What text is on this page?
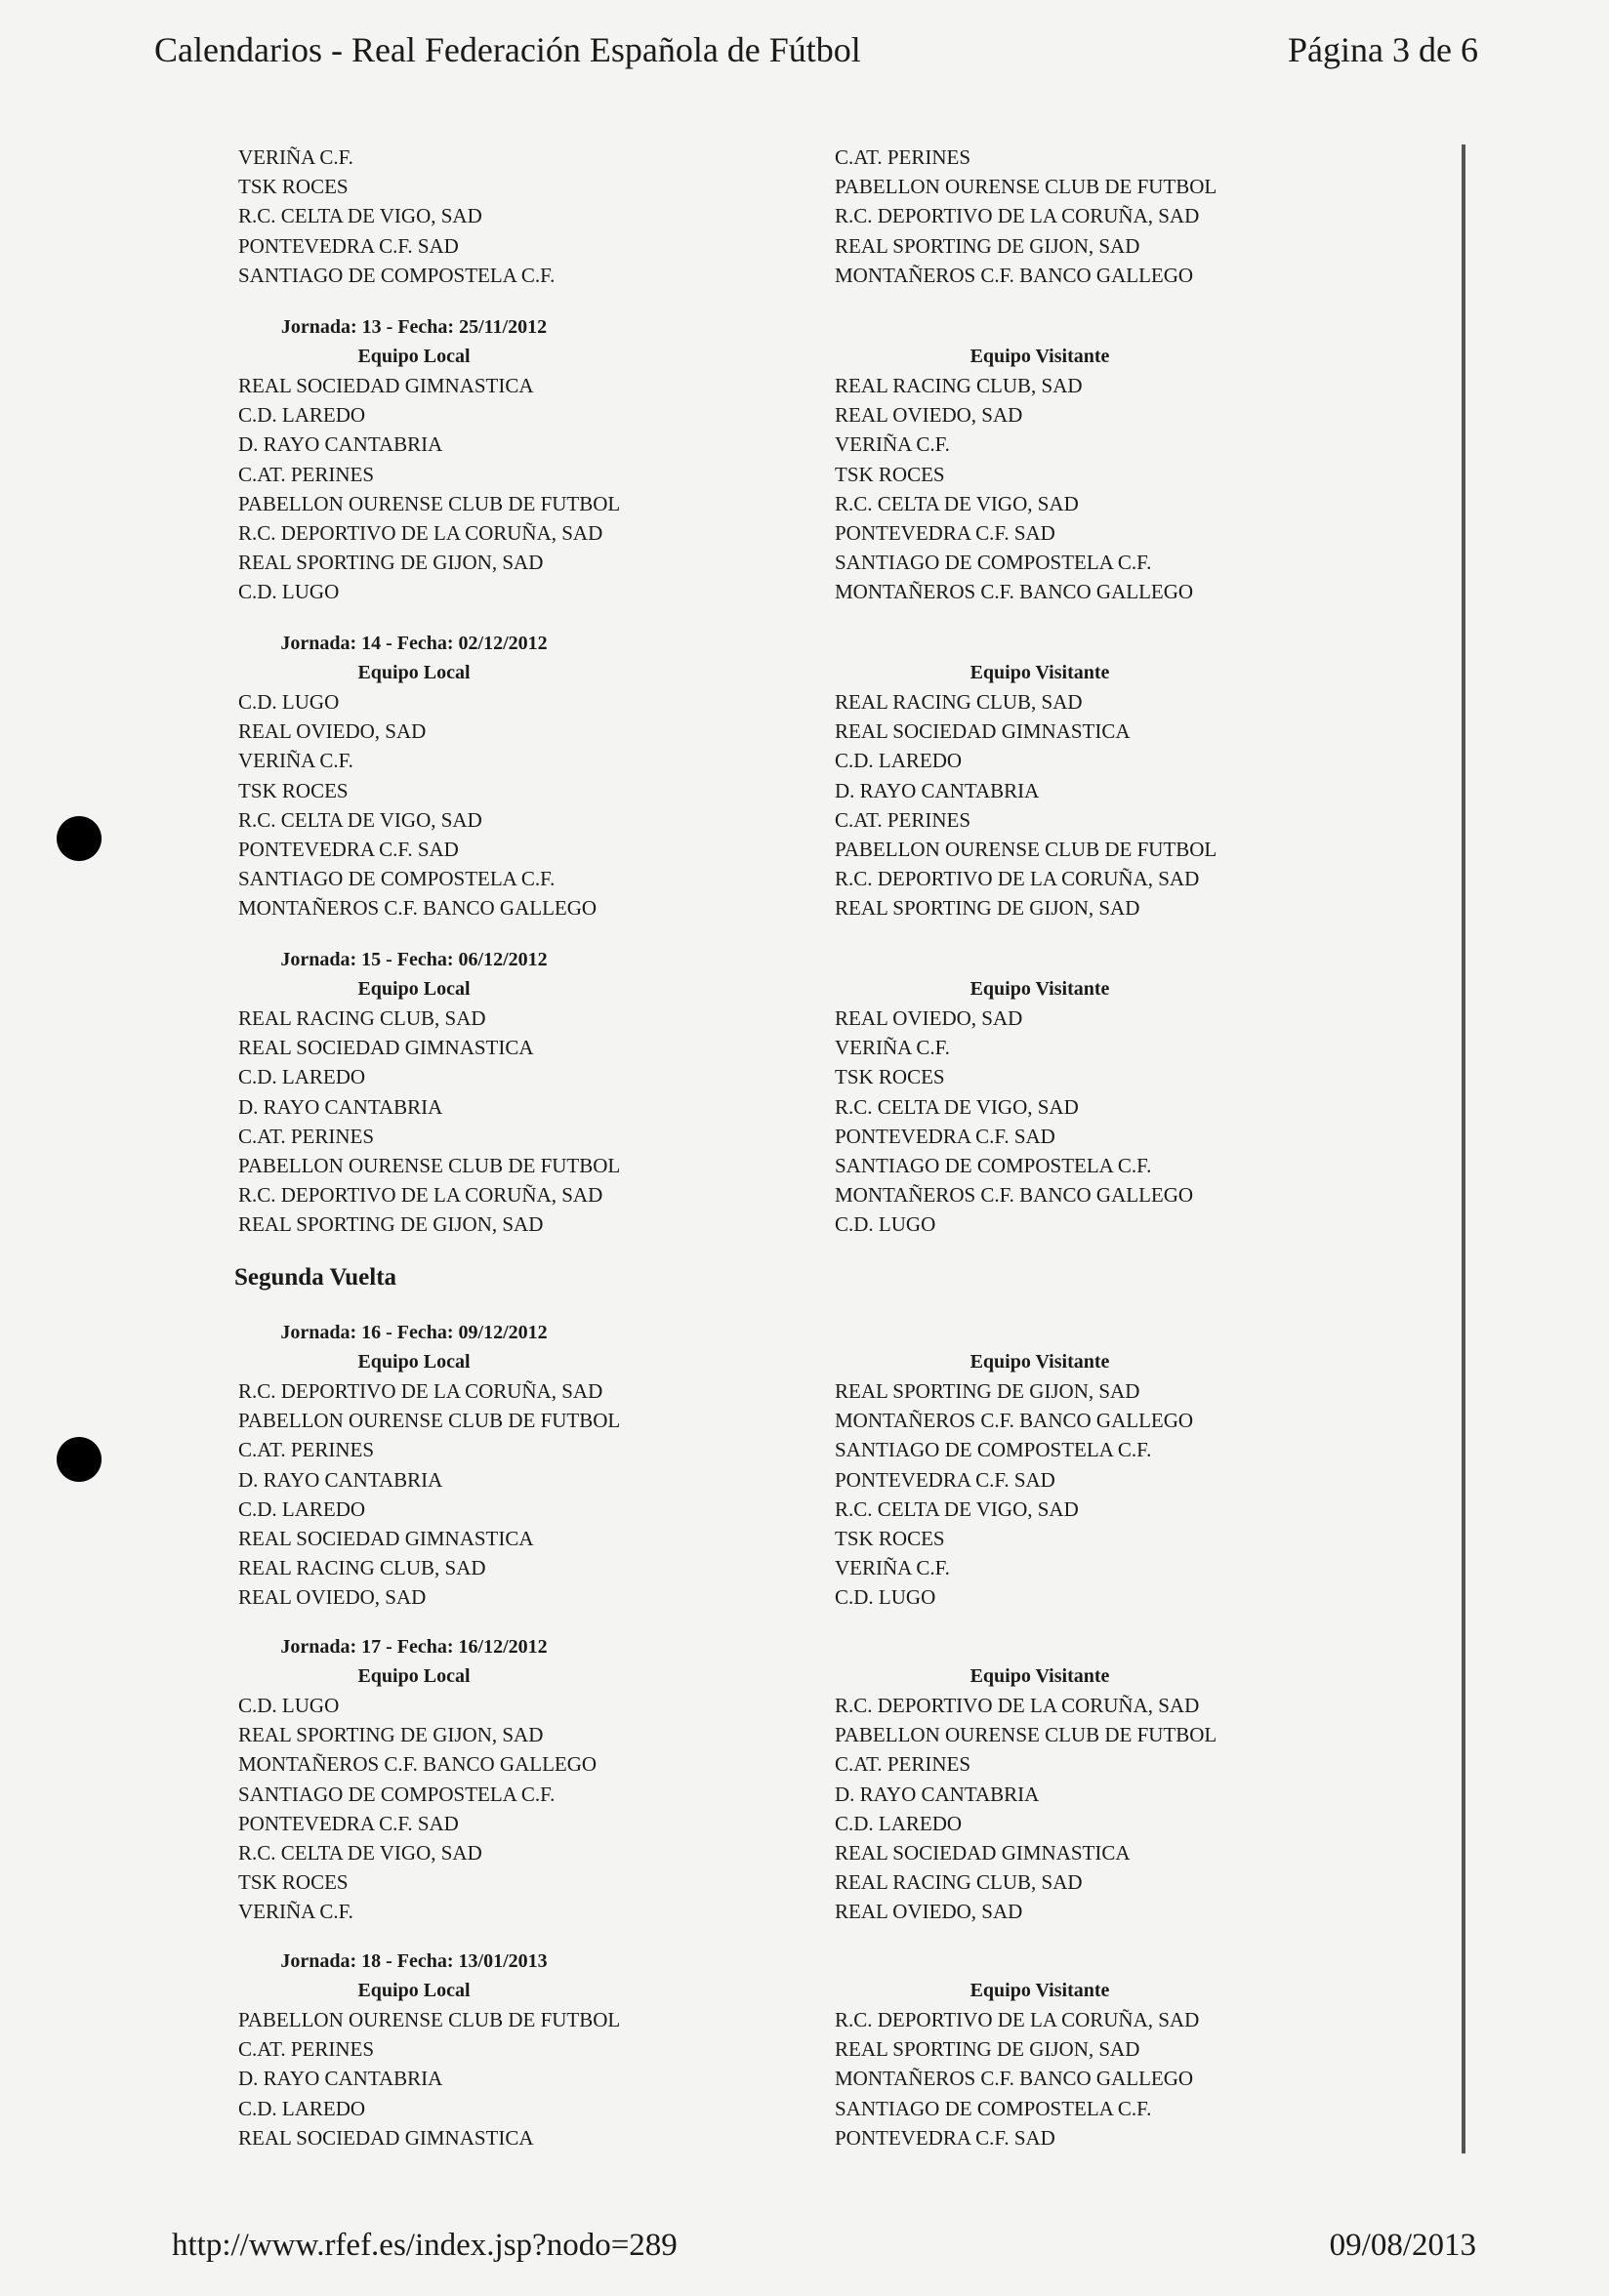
Calendarios - Real Federación Española de Fútbol	Página 3 de 6
VERIÑA C.F.
TSK ROCES
R.C. CELTA DE VIGO, SAD
PONTEVEDRA C.F. SAD
SANTIAGO DE COMPOSTELA C.F.
C.AT. PERINES
PABELLON OURENSE CLUB DE FUTBOL
R.C. DEPORTIVO DE LA CORUÑA, SAD
REAL SPORTING DE GIJON, SAD
MONTAÑEROS C.F. BANCO GALLEGO
Jornada: 13 - Fecha: 25/11/2012
Equipo Local
REAL SOCIEDAD GIMNASTICA
C.D. LAREDO
D. RAYO CANTABRIA
C.AT. PERINES
PABELLON OURENSE CLUB DE FUTBOL
R.C. DEPORTIVO DE LA CORUÑA, SAD
REAL SPORTING DE GIJON, SAD
C.D. LUGO
Equipo Visitante
REAL RACING CLUB, SAD
REAL OVIEDO, SAD
VERIÑA C.F.
TSK ROCES
R.C. CELTA DE VIGO, SAD
PONTEVEDRA C.F. SAD
SANTIAGO DE COMPOSTELA C.F.
MONTAÑEROS C.F. BANCO GALLEGO
Jornada: 14 - Fecha: 02/12/2012
Equipo Local
C.D. LUGO
REAL OVIEDO, SAD
VERIÑA C.F.
TSK ROCES
R.C. CELTA DE VIGO, SAD
PONTEVEDRA C.F. SAD
SANTIAGO DE COMPOSTELA C.F.
MONTAÑEROS C.F. BANCO GALLEGO
Equipo Visitante
REAL RACING CLUB, SAD
REAL SOCIEDAD GIMNASTICA
C.D. LAREDO
D. RAYO CANTABRIA
C.AT. PERINES
PABELLON OURENSE CLUB DE FUTBOL
R.C. DEPORTIVO DE LA CORUÑA, SAD
REAL SPORTING DE GIJON, SAD
Jornada: 15 - Fecha: 06/12/2012
Equipo Local
REAL RACING CLUB, SAD
REAL SOCIEDAD GIMNASTICA
C.D. LAREDO
D. RAYO CANTABRIA
C.AT. PERINES
PABELLON OURENSE CLUB DE FUTBOL
R.C. DEPORTIVO DE LA CORUÑA, SAD
REAL SPORTING DE GIJON, SAD
Equipo Visitante
REAL OVIEDO, SAD
VERIÑA C.F.
TSK ROCES
R.C. CELTA DE VIGO, SAD
PONTEVEDRA C.F. SAD
SANTIAGO DE COMPOSTELA C.F.
MONTAÑEROS C.F. BANCO GALLEGO
C.D. LUGO
Segunda Vuelta
Jornada: 16 - Fecha: 09/12/2012
Equipo Local
R.C. DEPORTIVO DE LA CORUÑA, SAD
PABELLON OURENSE CLUB DE FUTBOL
C.AT. PERINES
D. RAYO CANTABRIA
C.D. LAREDO
REAL SOCIEDAD GIMNASTICA
REAL RACING CLUB, SAD
REAL OVIEDO, SAD
Equipo Visitante
REAL SPORTING DE GIJON, SAD
MONTAÑEROS C.F. BANCO GALLEGO
SANTIAGO DE COMPOSTELA C.F.
PONTEVEDRA C.F. SAD
R.C. CELTA DE VIGO, SAD
TSK ROCES
VERIÑA C.F.
C.D. LUGO
Jornada: 17 - Fecha: 16/12/2012
Equipo Local
C.D. LUGO
REAL SPORTING DE GIJON, SAD
MONTAÑEROS C.F. BANCO GALLEGO
SANTIAGO DE COMPOSTELA C.F.
PONTEVEDRA C.F. SAD
R.C. CELTA DE VIGO, SAD
TSK ROCES
VERIÑA C.F.
Equipo Visitante
R.C. DEPORTIVO DE LA CORUÑA, SAD
PABELLON OURENSE CLUB DE FUTBOL
C.AT. PERINES
D. RAYO CANTABRIA
C.D. LAREDO
REAL SOCIEDAD GIMNASTICA
REAL RACING CLUB, SAD
REAL OVIEDO, SAD
Jornada: 18 - Fecha: 13/01/2013
Equipo Local
PABELLON OURENSE CLUB DE FUTBOL
C.AT. PERINES
D. RAYO CANTABRIA
C.D. LAREDO
REAL SOCIEDAD GIMNASTICA
Equipo Visitante
R.C. DEPORTIVO DE LA CORUÑA, SAD
REAL SPORTING DE GIJON, SAD
MONTAÑEROS C.F. BANCO GALLEGO
SANTIAGO DE COMPOSTELA C.F.
PONTEVEDRA C.F. SAD
http://www.rfef.es/index.jsp?nodo=289	09/08/2013
